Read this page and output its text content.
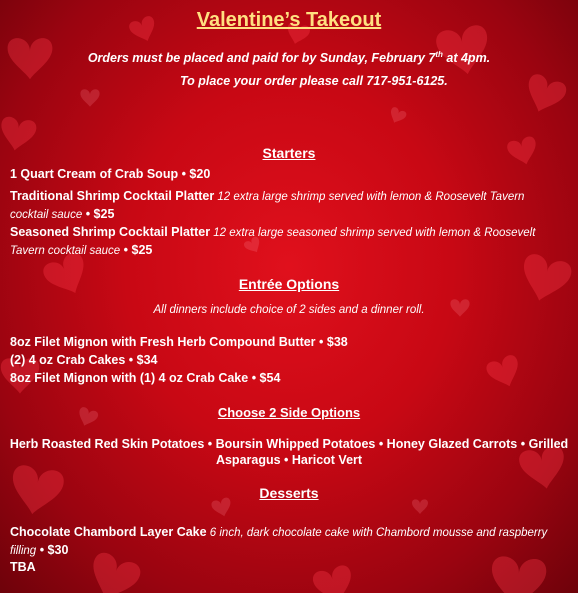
Valentine’s Takeout
Orders must be placed and paid for by Sunday, February 7th at 4pm.
To place your order please call 717-951-6125.
Starters
1 Quart Cream of Crab Soup • $20
Traditional Shrimp Cocktail Platter 12 extra large shrimp served with lemon & Roosevelt Tavern cocktail sauce • $25
Seasoned Shrimp Cocktail Platter 12 extra large seasoned shrimp served with lemon & Roosevelt Tavern cocktail sauce • $25
Entrée Options
All dinners include choice of 2 sides and a dinner roll.
8oz Filet Mignon with Fresh Herb Compound Butter • $38
(2) 4 oz Crab Cakes • $34
8oz Filet Mignon with (1) 4 oz Crab Cake • $54
Choose 2 Side Options
Herb Roasted Red Skin Potatoes • Boursin Whipped Potatoes • Honey Glazed Carrots • Grilled Asparagus • Haricot Vert
Desserts
Chocolate Chambord Layer Cake 6 inch, dark chocolate cake with Chambord mousse and raspberry filling • $30
TBA
